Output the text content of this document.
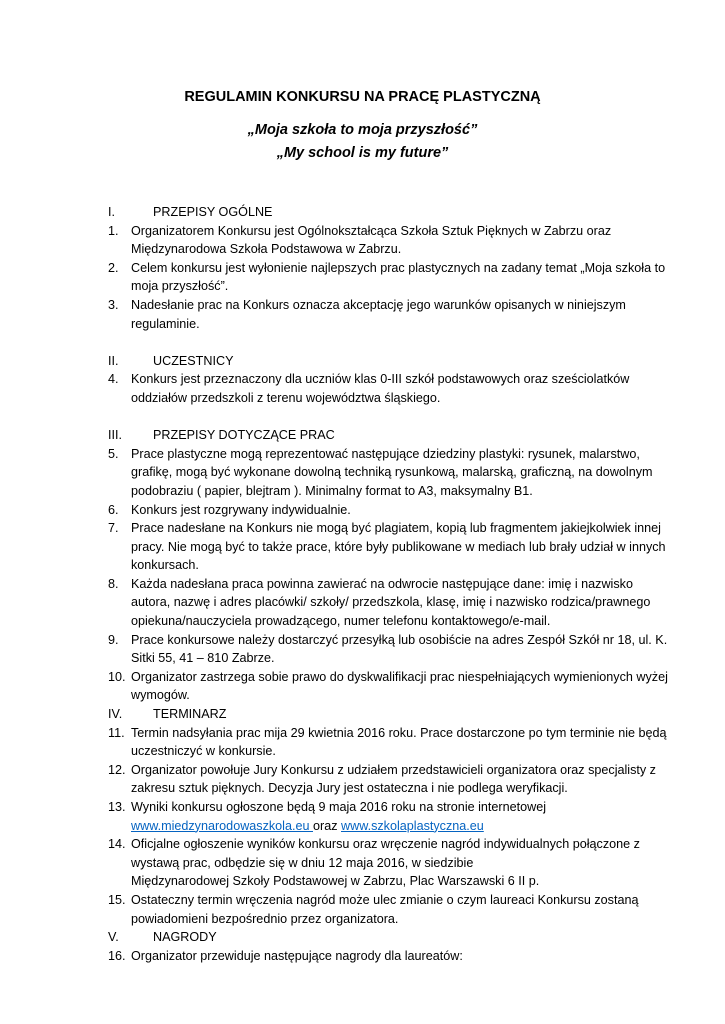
REGULAMIN KONKURSU NA PRACĘ PLASTYCZNĄ
„Moja szkoła to moja przyszłość”
„My school is my future”
I.	PRZEPISY OGÓLNE
1. Organizatorem Konkursu jest Ogólnokształcąca Szkoła Sztuk Pięknych w Zabrzu oraz Międzynarodowa Szkoła Podstawowa w Zabrzu.
2. Celem konkursu jest wyłonienie najlepszych prac plastycznych na zadany temat „Moja szkoła to moja przyszłość”.
3. Nadesłanie prac na Konkurs oznacza akceptację jego warunków opisanych w niniejszym regulaminie.
II.	UCZESTNICY
4. Konkurs jest przeznaczony dla uczniów klas 0-III szkół podstawowych oraz sześciolatków oddziałów przedszkoli z terenu województwa śląskiego.
III.	PRZEPISY DOTYCZĄCE PRAC
5. Prace plastyczne mogą reprezentować następujące dziedziny plastyki: rysunek, malarstwo, grafikę, mogą być wykonane dowolną techniką rysunkową, malarską, graficzną, na dowolnym podobraziu ( papier, blejtram ). Minimalny format to A3, maksymalny B1.
6. Konkurs jest rozgrywany indywidualnie.
7. Prace nadesłane na Konkurs nie mogą być plagiatem, kopią lub fragmentem jakiejkolwiek innej pracy. Nie mogą być to także prace, które były publikowane w mediach lub brały udział w innych konkursach.
8. Każda nadesłana praca powinna zawierać na odwrocie następujące dane: imię i nazwisko autora, nazwę i adres placówki/ szkoły/ przedszkola, klasę, imię i nazwisko rodzica/prawnego opiekuna/nauczyciela prowadzącego, numer telefonu kontaktowego/e-mail.
9. Prace konkursowe należy dostarczyć przesyłką lub osobiście na adres Zespół Szkół nr 18, ul. K. Sitki 55, 41 – 810 Zabrze.
10. Organizator zastrzega sobie prawo do dyskwalifikacji prac niespełniających wymienionych wyżej wymogów.
IV.	TERMINARZ
11. Termin nadsyłania prac mija 29 kwietnia 2016 roku. Prace dostarczone po tym terminie nie będą uczestniczyć w konkursie.
12. Organizator powołuje Jury Konkursu z udziałem przedstawicieli organizatora oraz specjalisty z zakresu sztuk pięknych. Decyzja Jury jest ostateczna i nie podlega weryfikacji.
13. Wyniki konkursu ogłoszone będą 9 maja 2016 roku na stronie internetowej
www.miedzynarodowaszkola.eu oraz www.szkolaplastyczna.eu
14. Oficjalne ogłoszenie wyników konkursu oraz wręczenie nagród indywidualnych połączone z wystawą prac, odbędzie się w dniu 12 maja 2016, w siedzibie
Międzynarodowej Szkoły Podstawowej w Zabrzu, Plac Warszawski 6 II p.
15. Ostateczny termin wręczenia nagród może ulec zmianie o czym laureaci Konkursu zostaną powiadomieni bezpośrednio przez organizatora.
V.	NAGRODY
16. Organizator przewiduje następujące nagrody dla laureatów:
